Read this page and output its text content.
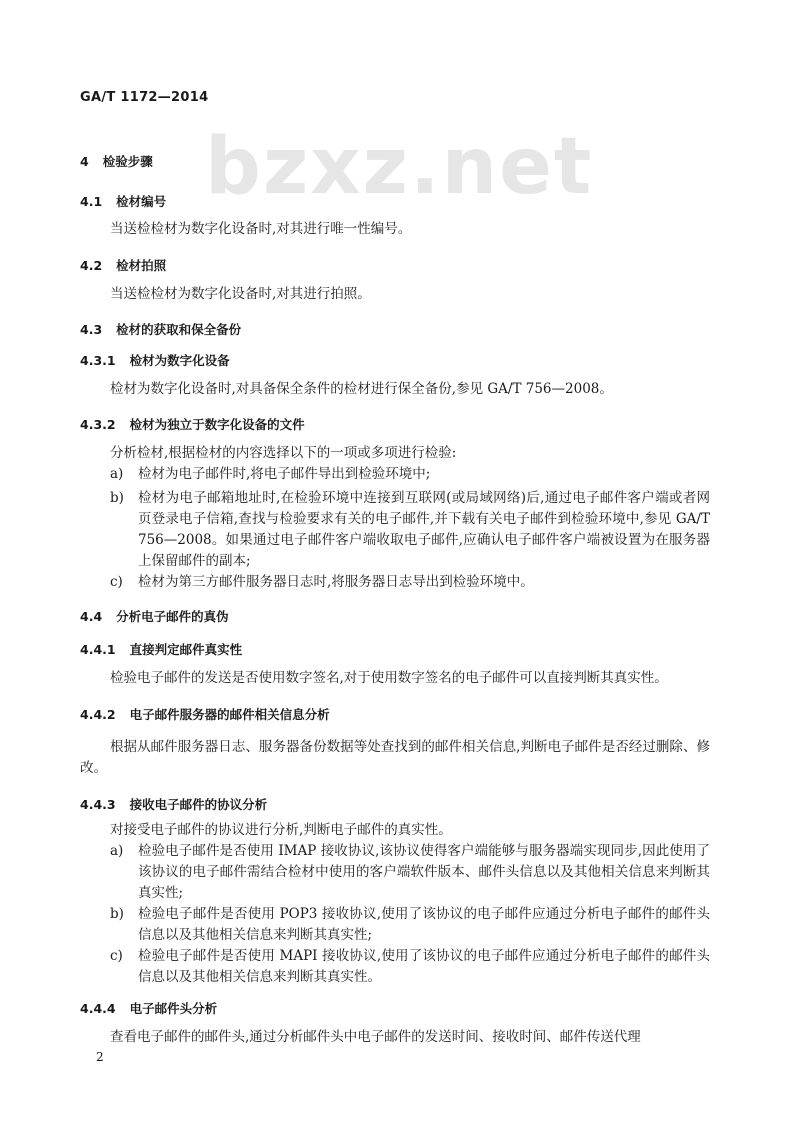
bzxz.net
GA/T 1172—2014
4 检验步骤
4.1 检材编号
当送检检材为数字化设备时,对其进行唯一性编号。
4.2 检材拍照
当送检检材为数字化设备时,对其进行拍照。
4.3 检材的获取和保全备份
4.3.1 检材为数字化设备
检材为数字化设备时,对具备保全条件的检材进行保全备份,参见 GA/T 756—2008。
4.3.2 检材为独立于数字化设备的文件
分析检材,根据检材的内容选择以下的一项或多项进行检验:
a)	检材为电子邮件时,将电子邮件导出到检验环境中;
b)	检材为电子邮箱地址时,在检验环境中连接到互联网(或局域网络)后,通过电子邮件客户端或者网页登录电子信箱,查找与检验要求有关的电子邮件,并下载有关电子邮件到检验环境中,参见 GA/T 756—2008。如果通过电子邮件客户端收取电子邮件,应确认电子邮件客户端被设置为在服务器上保留邮件的副本;
c)	检材为第三方邮件服务器日志时,将服务器日志导出到检验环境中。
4.4 分析电子邮件的真伪
4.4.1 直接判定邮件真实性
检验电子邮件的发送是否使用数字签名,对于使用数字签名的电子邮件可以直接判断其真实性。
4.4.2 电子邮件服务器的邮件相关信息分析
根据从邮件服务器日志、服务器备份数据等处查找到的邮件相关信息,判断电子邮件是否经过删除、修改。
4.4.3 接收电子邮件的协议分析
对接受电子邮件的协议进行分析,判断电子邮件的真实性。
a)	检验电子邮件是否使用 IMAP 接收协议,该协议使得客户端能够与服务器端实现同步,因此使用了该协议的电子邮件需结合检材中使用的客户端软件版本、邮件头信息以及其他相关信息来判断其真实性;
b)	检验电子邮件是否使用 POP3 接收协议,使用了该协议的电子邮件应通过分析电子邮件的邮件头信息以及其他相关信息来判断其真实性;
c)	检验电子邮件是否使用 MAPI 接收协议,使用了该协议的电子邮件应通过分析电子邮件的邮件头信息以及其他相关信息来判断其真实性。
4.4.4 电子邮件头分析
查看电子邮件的邮件头,通过分析邮件头中电子邮件的发送时间、接收时间、邮件传送代理
2
